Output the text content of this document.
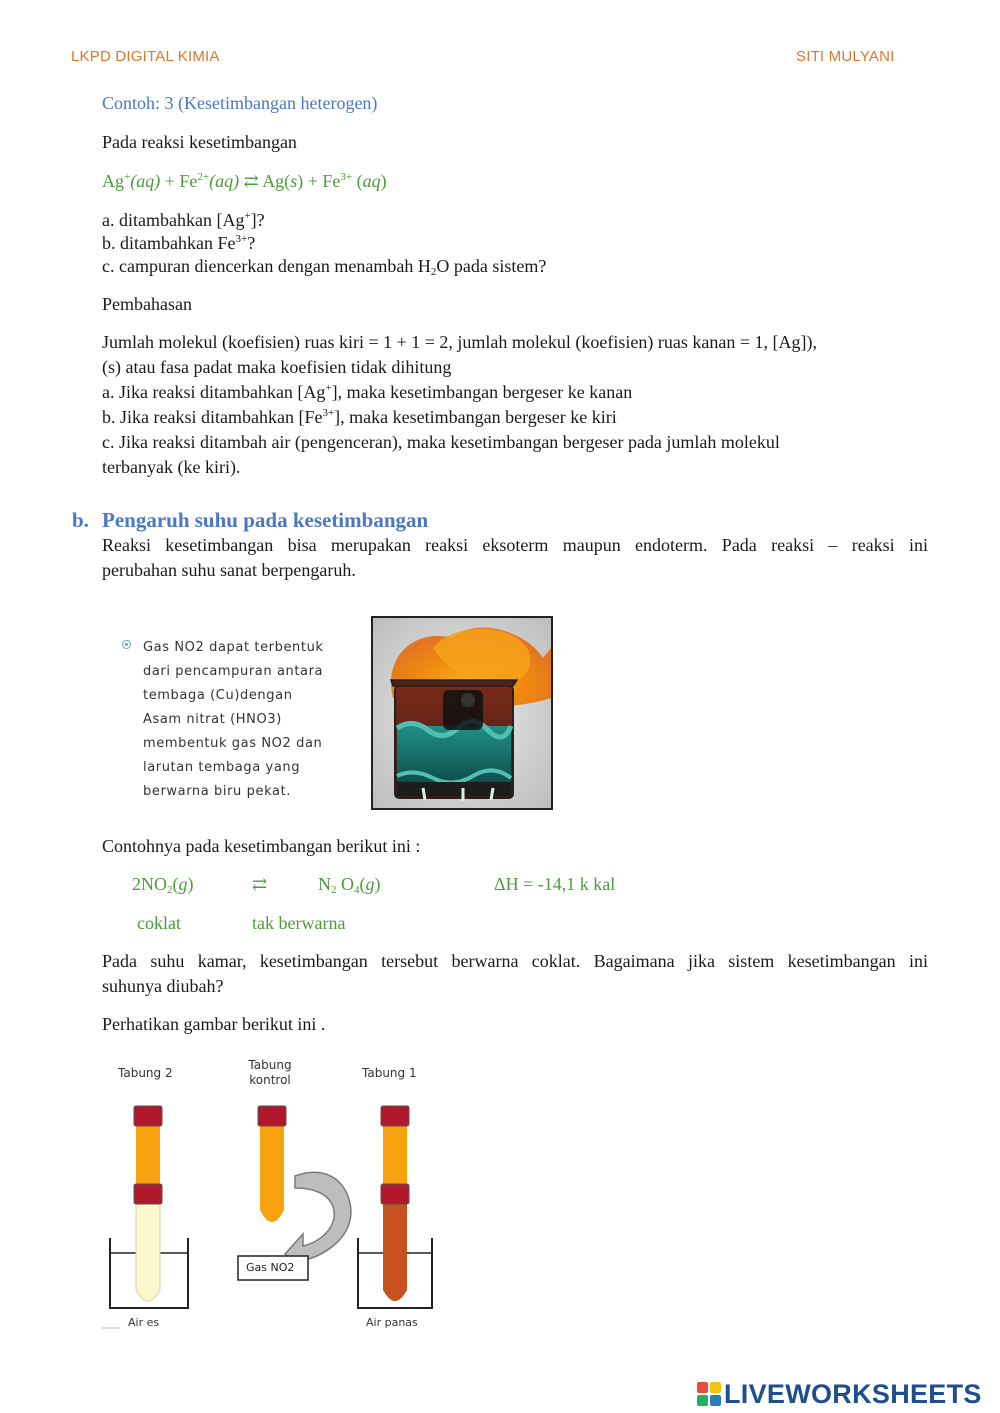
LKPD DIGITAL KIMIA	SITI MULYANI
Contoh: 3 (Kesetimbangan heterogen)
Pada reaksi kesetimbangan
$Ag^+(aq) + Fe^{2+}(aq)$ ⇄ $Ag(s) + Fe^{3+}$ (aq)
a. ditambahkan [Ag+]?
b. ditambahkan $Fe^{3+}$?
c. campuran diencerkan dengan menambah $H_2O$ pada sistem?
Pembahasan
Jumlah molekul (koefisien) ruas kiri = 1 + 1 = 2, jumlah molekul (koefisien) ruas kanan = 1, [Ag]),
(s) atau fasa padat maka koefisien tidak dihitung
a. Jika reaksi ditambahkan [Ag+], maka kesetimbangan bergeser ke kanan
b. Jika reaksi ditambahkan $[Fe^{3+}]$, maka kesetimbangan bergeser ke kiri
c. Jika reaksi ditambah air (pengenceran), maka kesetimbangan bergeser pada jumlah molekul
terbanyak (ke kiri).
b. Pengaruh suhu pada kesetimbangan
Reaksi kesetimbangan bisa merupakan reaksi eksoterm maupun endoterm. Pada reaksi – reaksi ini
perubahan suhu sanat berpengaruh.
Gas NO2 dapat terbentuk
dari pencampuran antara
tembaga (Cu)dengan
Asam nitrat (HNO3)
membentuk gas NO2 dan
larutan tembaga yang
berwarna biru pekat.
Contohnya pada kesetimbangan berikut ini :
$2NO_2(g)$	⇄	$N_2$ $O_4(g)$	ΔH = -14,1 k kal
coklat	tak berwarna
Pada suhu kamar, kesetimbangan tersebut berwarna coklat. Bagaimana jika sistem kesetimbangan ini
suhunya diubah?
Perhatikan gambar berikut ini .
Tabung 2
Tabung
kontrol	Tabung 1
Gas NO2
Air es	Air panas
LIVEWORKSHEETS
